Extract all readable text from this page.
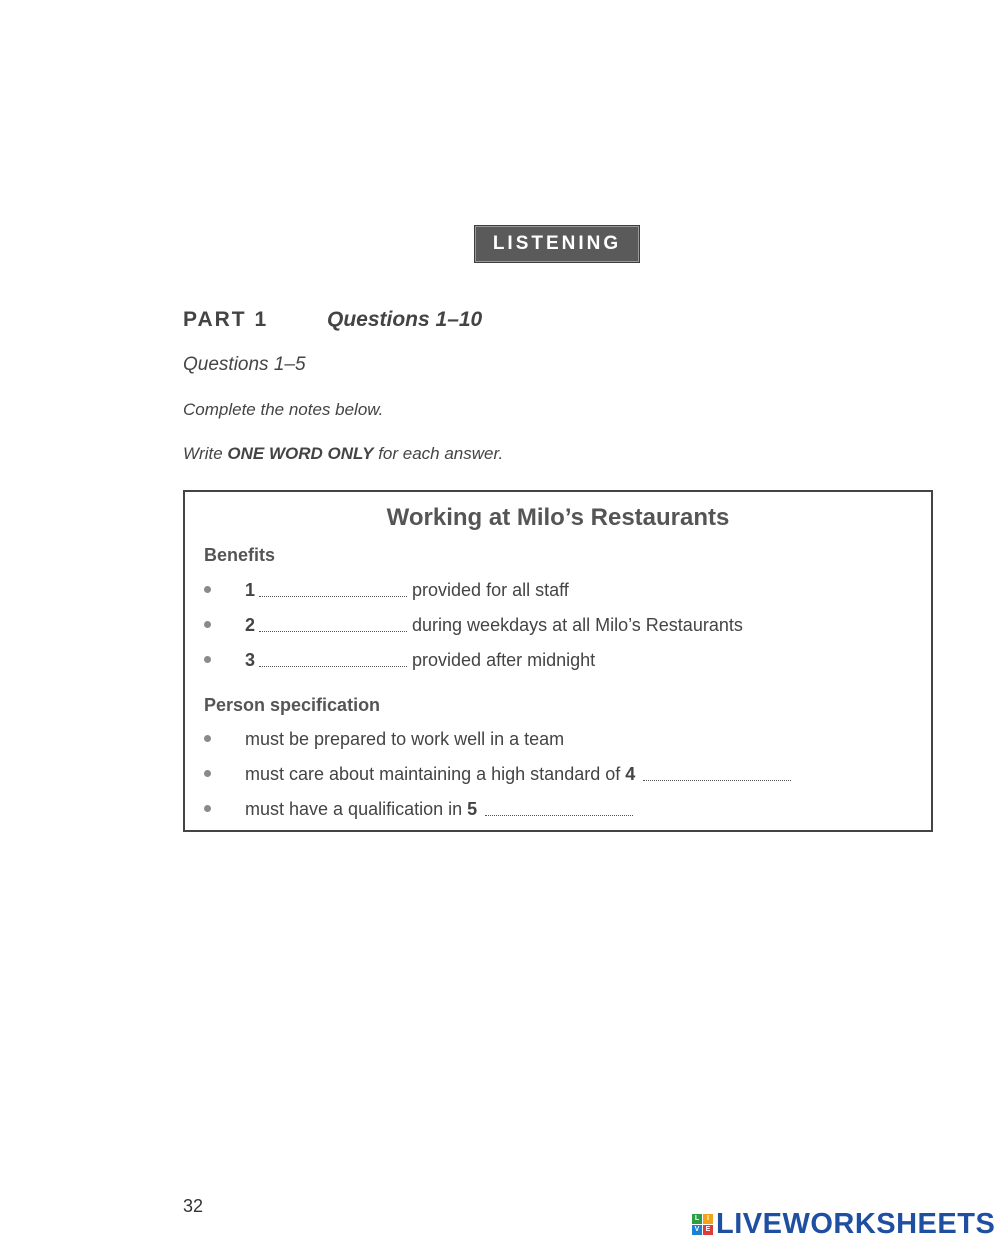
LISTENING
PART 1	Questions 1–10
Questions 1–5
Complete the notes below.
Write ONE WORD ONLY for each answer.
Working at Milo’s Restaurants
Benefits
1	provided for all staff
2	during weekdays at all Milo’s Restaurants
3	provided after midnight
Person specification
must be prepared to work well in a team
must care about maintaining a high standard of
4
must have a qualification in
5
32
L	I
V E LIVEWORKSHEETS
